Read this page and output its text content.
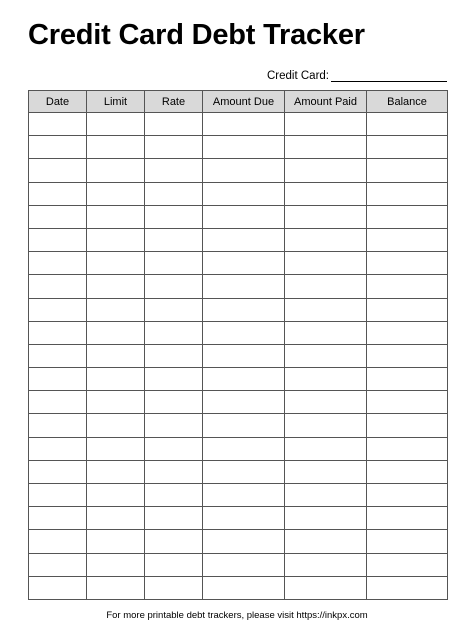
Credit Card Debt Tracker
Credit Card:
Date	Limit	Rate	Amount Due	Amount Paid	Balance

For more printable debt trackers, please visit https://inkpx.com
